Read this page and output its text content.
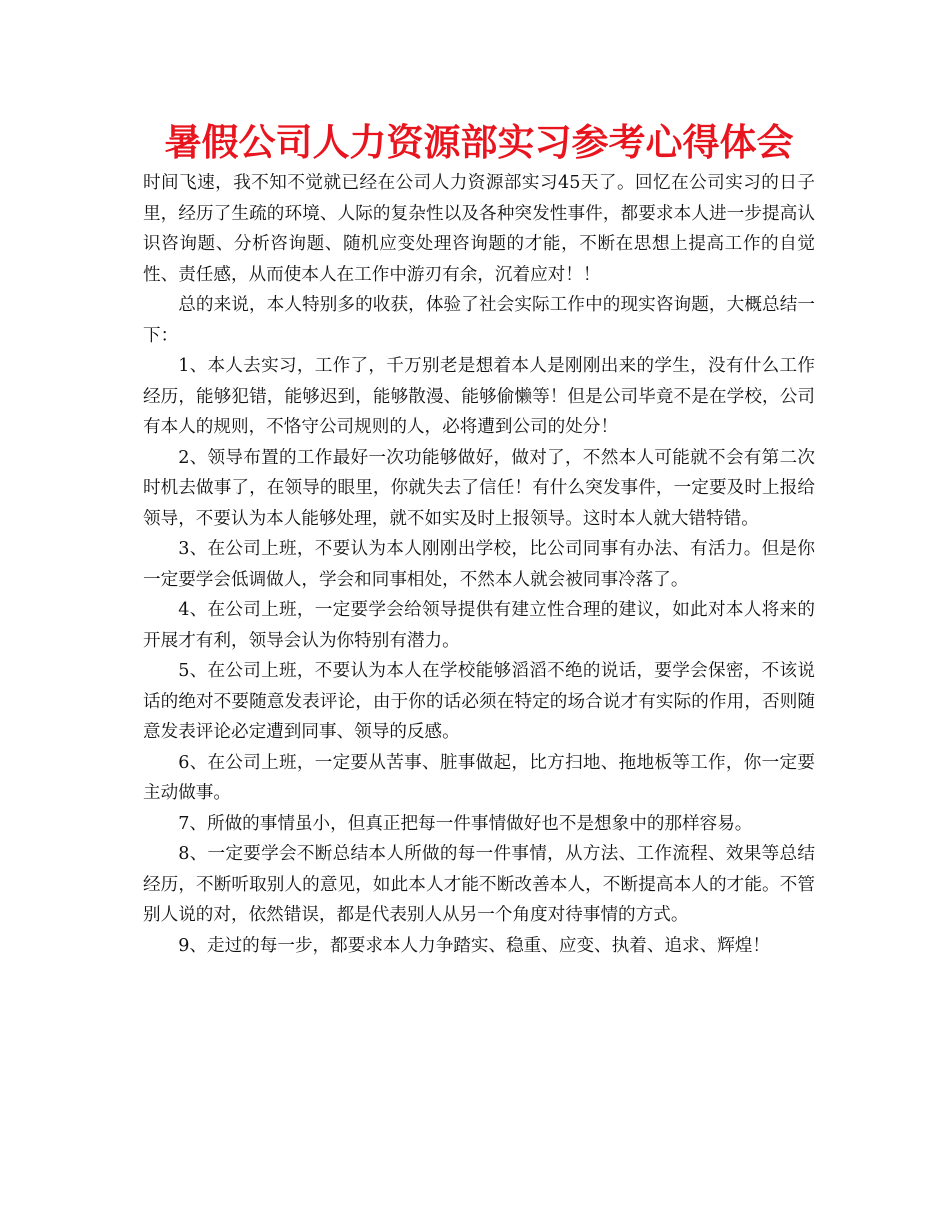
暑假公司人力资源部实习参考心得体会

时间飞速，我不知不觉就已经在公司人力资源部实习45天了。回忆在公司实习的日子里，经历了生疏的环境、人际的复杂性以及各种突发性事件，都要求本人进一步提高认识咨询题、分析咨询题、随机应变处理咨询题的才能，不断在思想上提高工作的自觉性、责任感，从而使本人在工作中游刃有余，沉着应对！！

总的来说，本人特别多的收获，体验了社会实际工作中的现实咨询题，大概总结一下：

1、本人去实习，工作了，千万别老是想着本人是刚刚出来的学生，没有什么工作经历，能够犯错，能够迟到，能够散漫、能够偷懒等！但是公司毕竟不是在学校，公司有本人的规则，不恪守公司规则的人，必将遭到公司的处分！

2、领导布置的工作最好一次功能够做好，做对了，不然本人可能就不会有第二次时机去做事了，在领导的眼里，你就失去了信任！有什么突发事件，一定要及时上报给领导，不要认为本人能够处理，就不如实及时上报领导。这时本人就大错特错。

3、在公司上班，不要认为本人刚刚出学校，比公司同事有办法、有活力。但是你一定要学会低调做人，学会和同事相处，不然本人就会被同事冷落了。

4、在公司上班，一定要学会给领导提供有建立性合理的建议，如此对本人将来的开展才有利，领导会认为你特别有潜力。

5、在公司上班，不要认为本人在学校能够滔滔不绝的说话，要学会保密，不该说话的绝对不要随意发表评论，由于你的话必须在特定的场合说才有实际的作用，否则随意发表评论必定遭到同事、领导的反感。

6、在公司上班，一定要从苦事、脏事做起，比方扫地、拖地板等工作，你一定要主动做事。

7、所做的事情虽小，但真正把每一件事情做好也不是想象中的那样容易。

8、一定要学会不断总结本人所做的每一件事情，从方法、工作流程、效果等总结经历，不断听取别人的意见，如此本人才能不断改善本人，不断提高本人的才能。不管别人说的对，依然错误，都是代表别人从另一个角度对待事情的方式。

9、走过的每一步，都要求本人力争踏实、稳重、应变、执着、追求、辉煌！
